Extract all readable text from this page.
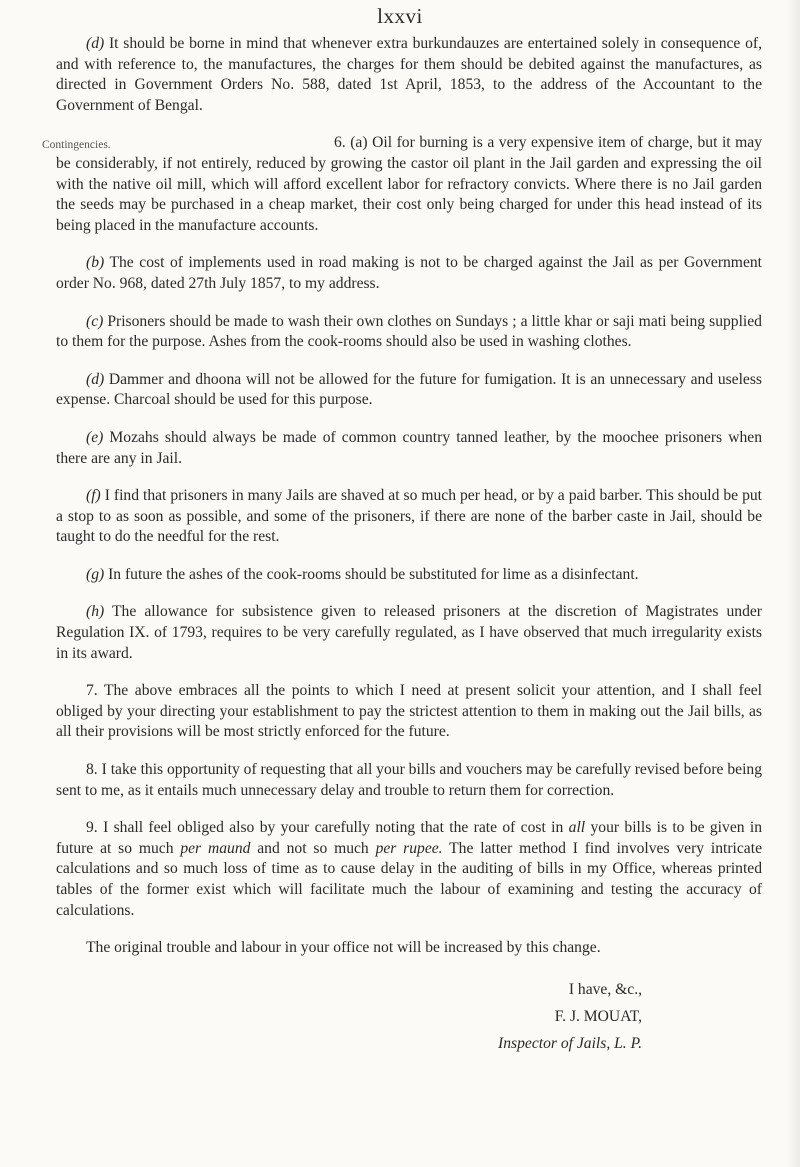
lxxvi

(d) It should be borne in mind that whenever extra burkundauzes are entertained solely in consequence of, and with reference to, the manufactures, the charges for them should be debited against the manufactures, as directed in Government Orders No. 588, dated 1st April, 1853, to the address of the Accountant to the Government of Bengal.

Contingencies.	6. (a) Oil for burning is a very expensive item of charge, but it may be considerably, if not entirely, reduced by growing the castor oil plant in the Jail garden and expressing the oil with the native oil mill, which will afford excellent labor for refractory convicts. Where there is no Jail garden the seeds may be purchased in a cheap market, their cost only being charged for under this head instead of its being placed in the manufacture accounts.

(b) The cost of implements used in road making is not to be charged against the Jail as per Government order No. 968, dated 27th July 1857, to my address.

(c) Prisoners should be made to wash their own clothes on Sundays ; a little khar or saji mati being supplied to them for the purpose. Ashes from the cook-rooms should also be used in washing clothes.

(d) Dammer and dhoona will not be allowed for the future for fumigation. It is an unnecessary and useless expense. Charcoal should be used for this purpose.

(e) Mozahs should always be made of common country tanned leather, by the moochee prisoners when there are any in Jail.

(f) I find that prisoners in many Jails are shaved at so much per head, or by a paid barber. This should be put a stop to as soon as possible, and some of the prisoners, if there are none of the barber caste in Jail, should be taught to do the needful for the rest.

(g) In future the ashes of the cook-rooms should be substituted for lime as a disinfectant.

(h) The allowance for subsistence given to released prisoners at the discretion of Magistrates under Regulation IX. of 1793, requires to be very carefully regulated, as I have observed that much irregularity exists in its award.

7. The above embraces all the points to which I need at present solicit your attention, and I shall feel obliged by your directing your establishment to pay the strictest attention to them in making out the Jail bills, as all their provisions will be most strictly enforced for the future.

8. I take this opportunity of requesting that all your bills and vouchers may be carefully revised before being sent to me, as it entails much unnecessary delay and trouble to return them for correction.

9. I shall feel obliged also by your carefully noting that the rate of cost in all your bills is to be given in future at so much per maund and not so much per rupee. The latter method I find involves very intricate calculations and so much loss of time as to cause delay in the auditing of bills in my Office, whereas printed tables of the former exist which will facilitate much the labour of examining and testing the accuracy of calculations.

The original trouble and labour in your office not will be increased by this change.

I have, &c.,
F. J. MOUAT,
Inspector of Jails, L. P.
